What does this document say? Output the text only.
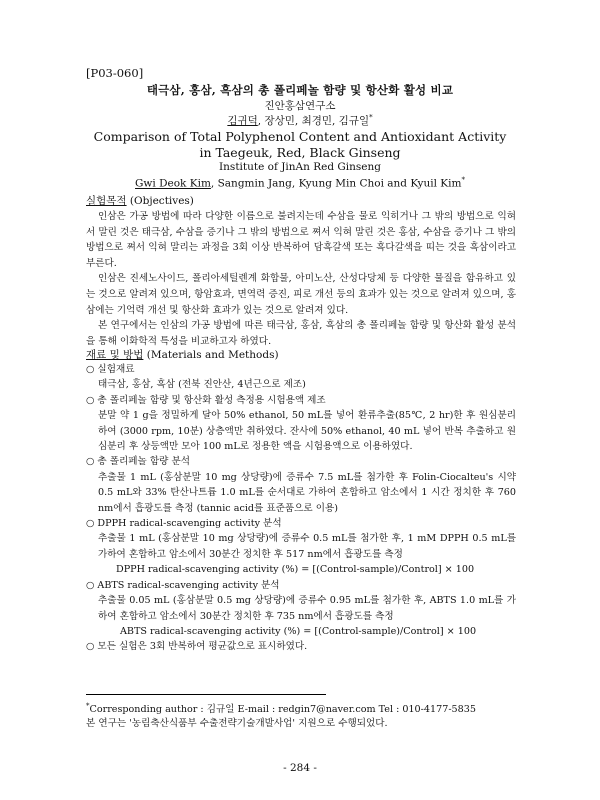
[P03-060]
태극삼, 홍삼, 흑삼의 총 폴리페놀 함량 및 항산화 활성 비교
진안홍삼연구소
김귀덕, 장상민, 최경민, 김규일*
Comparison of Total Polyphenol Content and Antioxidant Activity
in Taegeuk, Red, Black Ginseng
Institute of JinAn Red Ginseng
Gwi Deok Kim, Sangmin Jang, Kyung Min Choi and Kyuil Kim*
실험목적 (Objectives)

인삼은 가공 방법에 따라 다양한 이름으로 불려지는데 수삼을 물로 익히거나 그 밖의 방법으로 익혀서 말린 것은 태극삼, 수삼을 증기나 그 밖의 방법으로 쪄서 익혀 말린 것은 홍삼, 수삼을 증기나 그 밖의 방법으로 쪄서 익혀 말리는 과정을 3회 이상 반복하여 담흑갈색 또는 흑다갈색을 띠는 것을 흑삼이라고 부른다.

인삼은 진세노사이드, 폴리아세틸렌계 화합물, 아미노산, 산성다당체 등 다양한 물질을 함유하고 있는 것으로 알려져 있으며, 항암효과, 면역력 증진, 피로 개선 등의 효과가 있는 것으로 알려져 있으며, 홍삼에는 기억력 개선 및 항산화 효과가 있는 것으로 알려져 있다.

본 연구에서는 인삼의 가공 방법에 따른 태극삼, 홍삼, 흑삼의 총 폴리페놀 함량 및 항산화 활성 분석을 통해 이화학적 특성을 비교하고자 하였다.

재료 및 방법 (Materials and Methods)
○ 실험재료
태극삼, 홍삼, 흑삼 (전북 진안산, 4년근으로 제조)
○ 총 폴리페놀 함량 및 항산화 활성 측정용 시험용액 제조
분말 약 1 g을 정밀하게 달아 50% ethanol, 50 mL를 넣어 환류추출(85℃, 2 hr)한 후 원심분리하여 (3000 rpm, 10분) 상층액만 취하였다. 잔사에 50% ethanol, 40 mL 넣어 반복 추출하고 원심분리 후 상등액만 모아 100 mL로 정용한 액을 시험용액으로 이용하였다.
○ 총 폴리페놀 함량 분석
추출물 1 mL (홍삼분말 10 mg 상당량)에 증류수 7.5 mL를 첨가한 후 Folin-Ciocalteu's 시약 0.5 mL와 33% 탄산나트륨 1.0 mL를 순서대로 가하여 혼합하고 암소에서 1 시간 정치한 후 760 nm에서 흡광도를 측정 (tannic acid를 표준품으로 이용)
○ DPPH radical-scavenging activity 분석
추출물 1 mL (홍삼분말 10 mg 상당량)에 증류수 0.5 mL를 첨가한 후, 1 mM DPPH 0.5 mL를 가하여 혼합하고 암소에서 30분간 정치한 후 517 nm에서 흡광도를 측정
DPPH radical-scavenging activity (%) = [(Control-sample)/Control] × 100
○ ABTS radical-scavenging activity 분석
추출물 0.05 mL (홍삼분말 0.5 mg 상당량)에 증류수 0.95 mL를 첨가한 후, ABTS 1.0 mL를 가하여 혼합하고 암소에서 30분간 정치한 후 735 nm에서 흡광도를 측정
ABTS radical-scavenging activity (%) = [(Control-sample)/Control] × 100
○ 모든 실험은 3회 반복하여 평균값으로 표시하였다.
*Corresponding author : 김규일 E-mail : redgin7@naver.com Tel : 010-4177-5835
본 연구는 '농림축산식품부 수출전략기술개발사업' 지원으로 수행되었다.
- 284 -
